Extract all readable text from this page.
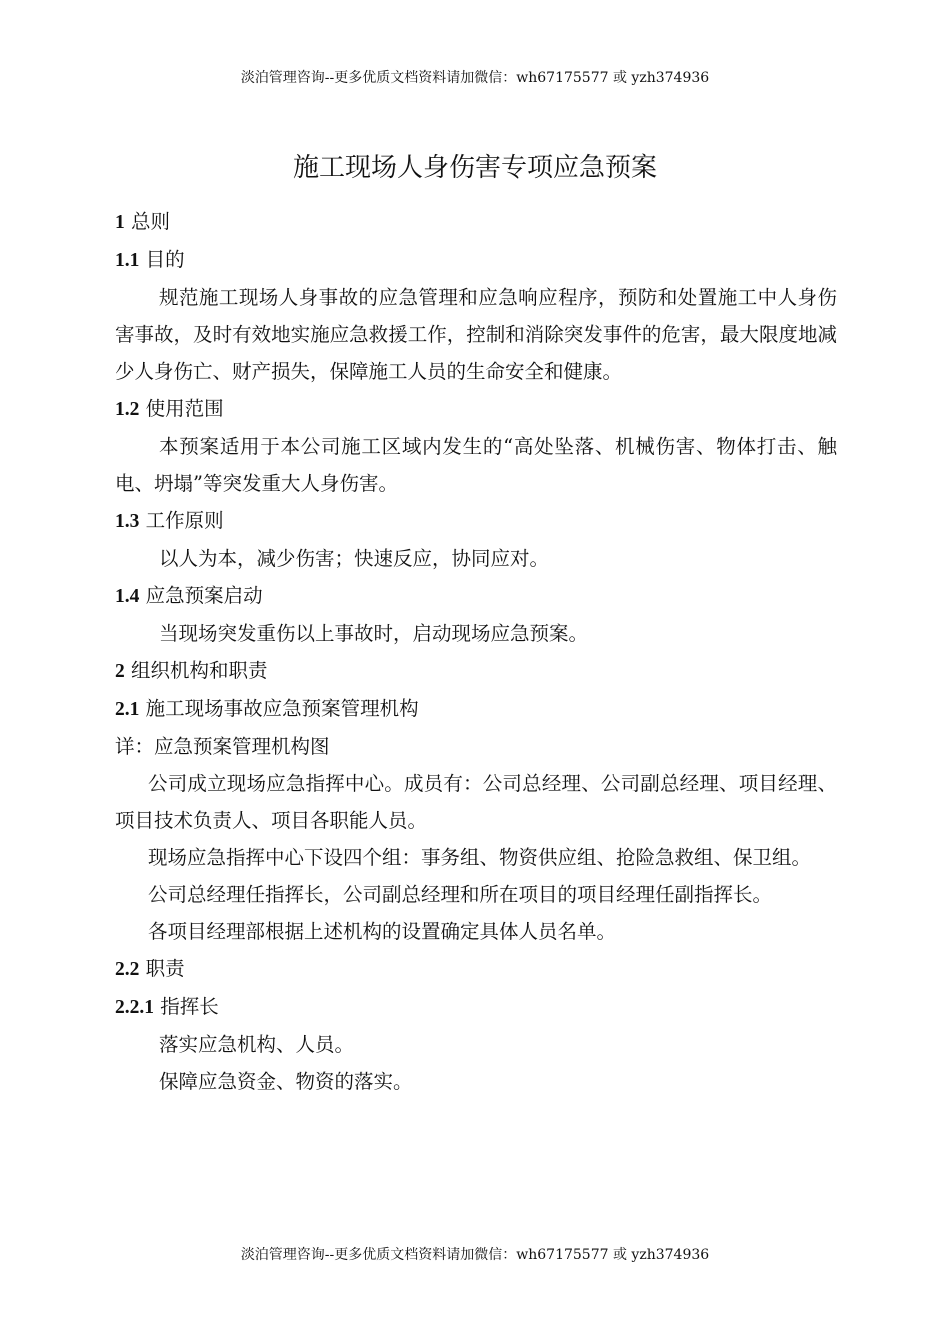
淡泊管理咨询--更多优质文档资料请加微信：wh67175577 或 yzh374936
施工现场人身伤害专项应急预案

1 总则

1.1 目的

规范施工现场人身事故的应急管理和应急响应程序，预防和处置施工中人身伤害事故，及时有效地实施应急救援工作，控制和消除突发事件的危害，最大限度地减少人身伤亡、财产损失，保障施工人员的生命安全和健康。

1.2 使用范围

本预案适用于本公司施工区域内发生的“高处坠落、机械伤害、物体打击、触电、坍塌”等突发重大人身伤害。

1.3 工作原则

以人为本，减少伤害；快速反应，协同应对。

1.4 应急预案启动

当现场突发重伤以上事故时，启动现场应急预案。

2 组织机构和职责

2.1 施工现场事故应急预案管理机构

详：应急预案管理机构图

公司成立现场应急指挥中心。成员有：公司总经理、公司副总经理、项目经理、项目技术负责人、项目各职能人员。

现场应急指挥中心下设四个组：事务组、物资供应组、抢险急救组、保卫组。

公司总经理任指挥长，公司副总经理和所在项目的项目经理任副指挥长。

各项目经理部根据上述机构的设置确定具体人员名单。

2.2 职责

2.2.1 指挥长

落实应急机构、人员。

保障应急资金、物资的落实。

淡泊管理咨询--更多优质文档资料请加微信：wh67175577 或 yzh374936
